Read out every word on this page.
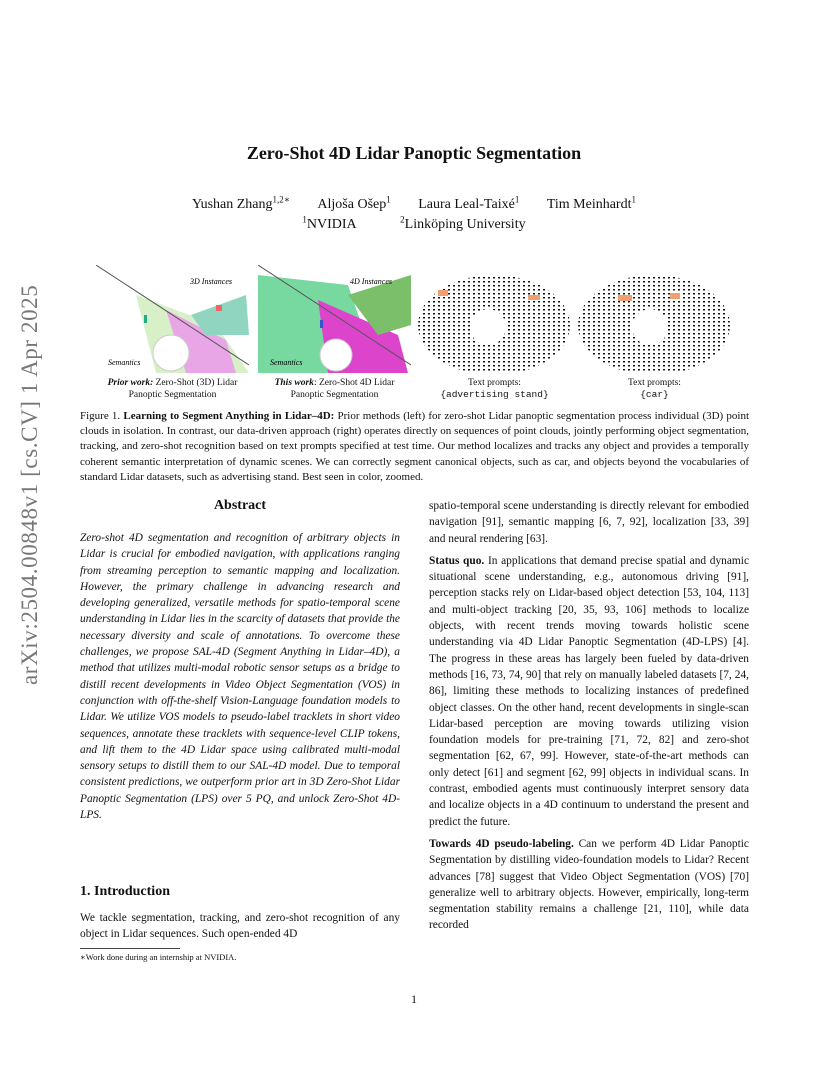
arXiv:2504.00848v1 [cs.CV] 1 Apr 2025
Zero-Shot 4D Lidar Panoptic Segmentation
Yushan Zhang$^{1,2∗}$ Aljoša Ošep$^1$ Laura Leal-Taixé$^1$ Tim Meinhardt$^1$
$^1$NVIDIA	$^2$Linköping University
3D Instances
Semantics
4D Instances
Semantics
Prior work: Zero-Shot (3D) Lidar Panoptic Segmentation
This work: Zero-Shot 4D Lidar Panoptic Segmentation
Text prompts:
{advertising stand}
Text prompts:
{car}
Figure 1. Learning to Segment Anything in Lidar–4D: Prior methods (left) for zero-shot Lidar panoptic segmentation process individual (3D) point clouds in isolation. In contrast, our data-driven approach (right) operates directly on sequences of point clouds, jointly performing object segmentation, tracking, and zero-shot recognition based on text prompts specified at test time. Our method localizes and tracks any object and provides a temporally coherent semantic interpretation of dynamic scenes. We can correctly segment canonical objects, such as car, and objects beyond the vocabularies of standard Lidar datasets, such as advertising stand. Best seen in color, zoomed.
Abstract
Zero-shot 4D segmentation and recognition of arbitrary objects in Lidar is crucial for embodied navigation, with applications ranging from streaming perception to semantic mapping and localization. However, the primary challenge in advancing research and developing generalized, versatile methods for spatio-temporal scene understanding in Lidar lies in the scarcity of datasets that provide the necessary diversity and scale of annotations. To overcome these challenges, we propose SAL-4D (Segment Anything in Lidar–4D), a method that utilizes multi-modal robotic sensor setups as a bridge to distill recent developments in Video Object Segmentation (VOS) in conjunction with off-the-shelf Vision-Language foundation models to Lidar. We utilize VOS models to pseudo-label tracklets in short video sequences, annotate these tracklets with sequence-level CLIP tokens, and lift them to the 4D Lidar space using calibrated multi-modal sensory setups to distill them to our SAL-4D model. Due to temporal consistent predictions, we outperform prior art in 3D Zero-Shot Lidar Panoptic Segmentation (LPS) over 5 PQ, and unlock Zero-Shot 4D-LPS.
1. Introduction
We tackle segmentation, tracking, and zero-shot recognition of any object in Lidar sequences. Such open-ended 4D
∗Work done during an internship at NVIDIA.

spatio-temporal scene understanding is directly relevant for embodied navigation [91], semantic mapping [6, 7, 92], localization [33, 39] and neural rendering [63].

Status quo. In applications that demand precise spatial and dynamic situational scene understanding, e.g., autonomous driving [91], perception stacks rely on Lidar-based object detection [53, 104, 113] and multi-object tracking [20, 35, 93, 106] methods to localize objects, with recent trends moving towards holistic scene understanding via 4D Lidar Panoptic Segmentation (4D-LPS) [4]. The progress in these areas has largely been fueled by data-driven methods [16, 73, 74, 90] that rely on manually labeled datasets [7, 24, 86], limiting these methods to localizing instances of predefined object classes. On the other hand, recent developments in single-scan Lidar-based perception are moving towards utilizing vision foundation models for pre-training [71, 72, 82] and zero-shot segmentation [62, 67, 99]. However, state-of-the-art methods can only detect [61] and segment [62, 99] objects in individual scans. In contrast, embodied agents must continuously interpret sensory data and localize objects in a 4D continuum to understand the present and predict the future.

Towards 4D pseudo-labeling. Can we perform 4D Lidar Panoptic Segmentation by distilling video-foundation models to Lidar? Recent advances [78] suggest that Video Object Segmentation (VOS) [70] generalize well to arbitrary objects. However, empirically, long-term segmentation stability remains a challenge [21, 110], while data recorded

1
